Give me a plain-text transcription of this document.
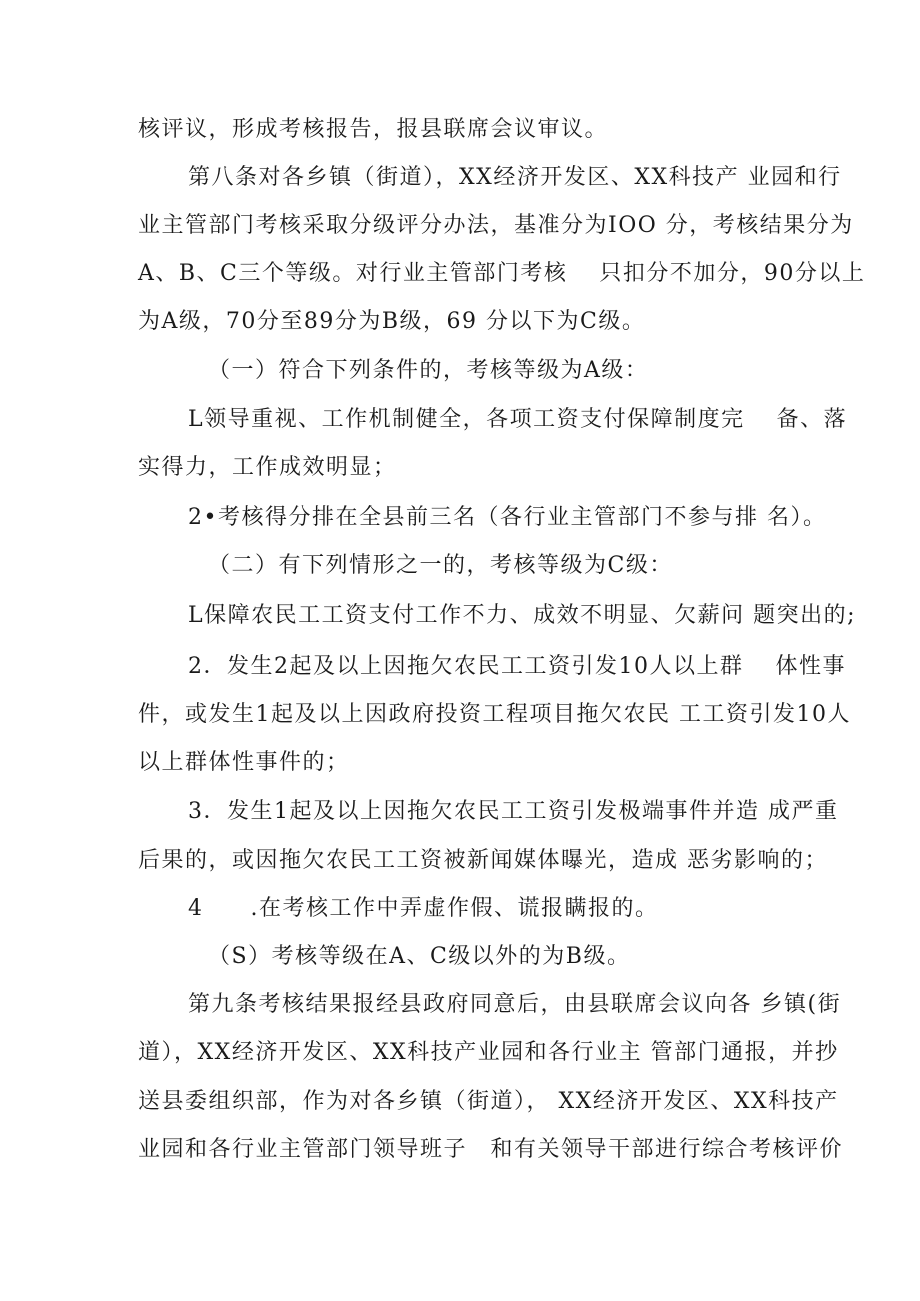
核评议，形成考核报告，报县联席会议审议。
第八条对各乡镇（街道），XX经济开发区、XX科技产 业园和行
业主管部门考核采取分级评分办法，基准分为IOO 分，考核结果分为
A、B、C三个等级。对行业主管部门考核　 只扣分不加分，90分以上
为A级，70分至89分为B级，69 分以下为C级。
（一）符合下列条件的，考核等级为A级：
L领导重视、工作机制健全，各项工资支付保障制度完　 备、落
实得力，工作成效明显；
2•考核得分排在全县前三名（各行业主管部门不参与排 名）。
（二）有下列情形之一的，考核等级为C级：
L保障农民工工资支付工作不力、成效不明显、欠薪问 题突出的;
2．发生2起及以上因拖欠农民工工资引发10人以上群　 体性事
件，或发生1起及以上因政府投资工程项目拖欠农民 工工资引发10人
以上群体性事件的；
3．发生1起及以上因拖欠农民工工资引发极端事件并造 成严重
后果的，或因拖欠农民工工资被新闻媒体曝光，造成 恶劣影响的；
4　　.在考核工作中弄虚作假、谎报瞒报的。
（S）考核等级在A、C级以外的为B级。
第九条考核结果报经县政府同意后，由县联席会议向各 乡镇(街
道），XX经济开发区、XX科技产业园和各行业主 管部门通报，并抄
送县委组织部，作为对各乡镇（街道）， XX经济开发区、XX科技产
业园和各行业主管部门领导班子　和有关领导干部进行综合考核评价
